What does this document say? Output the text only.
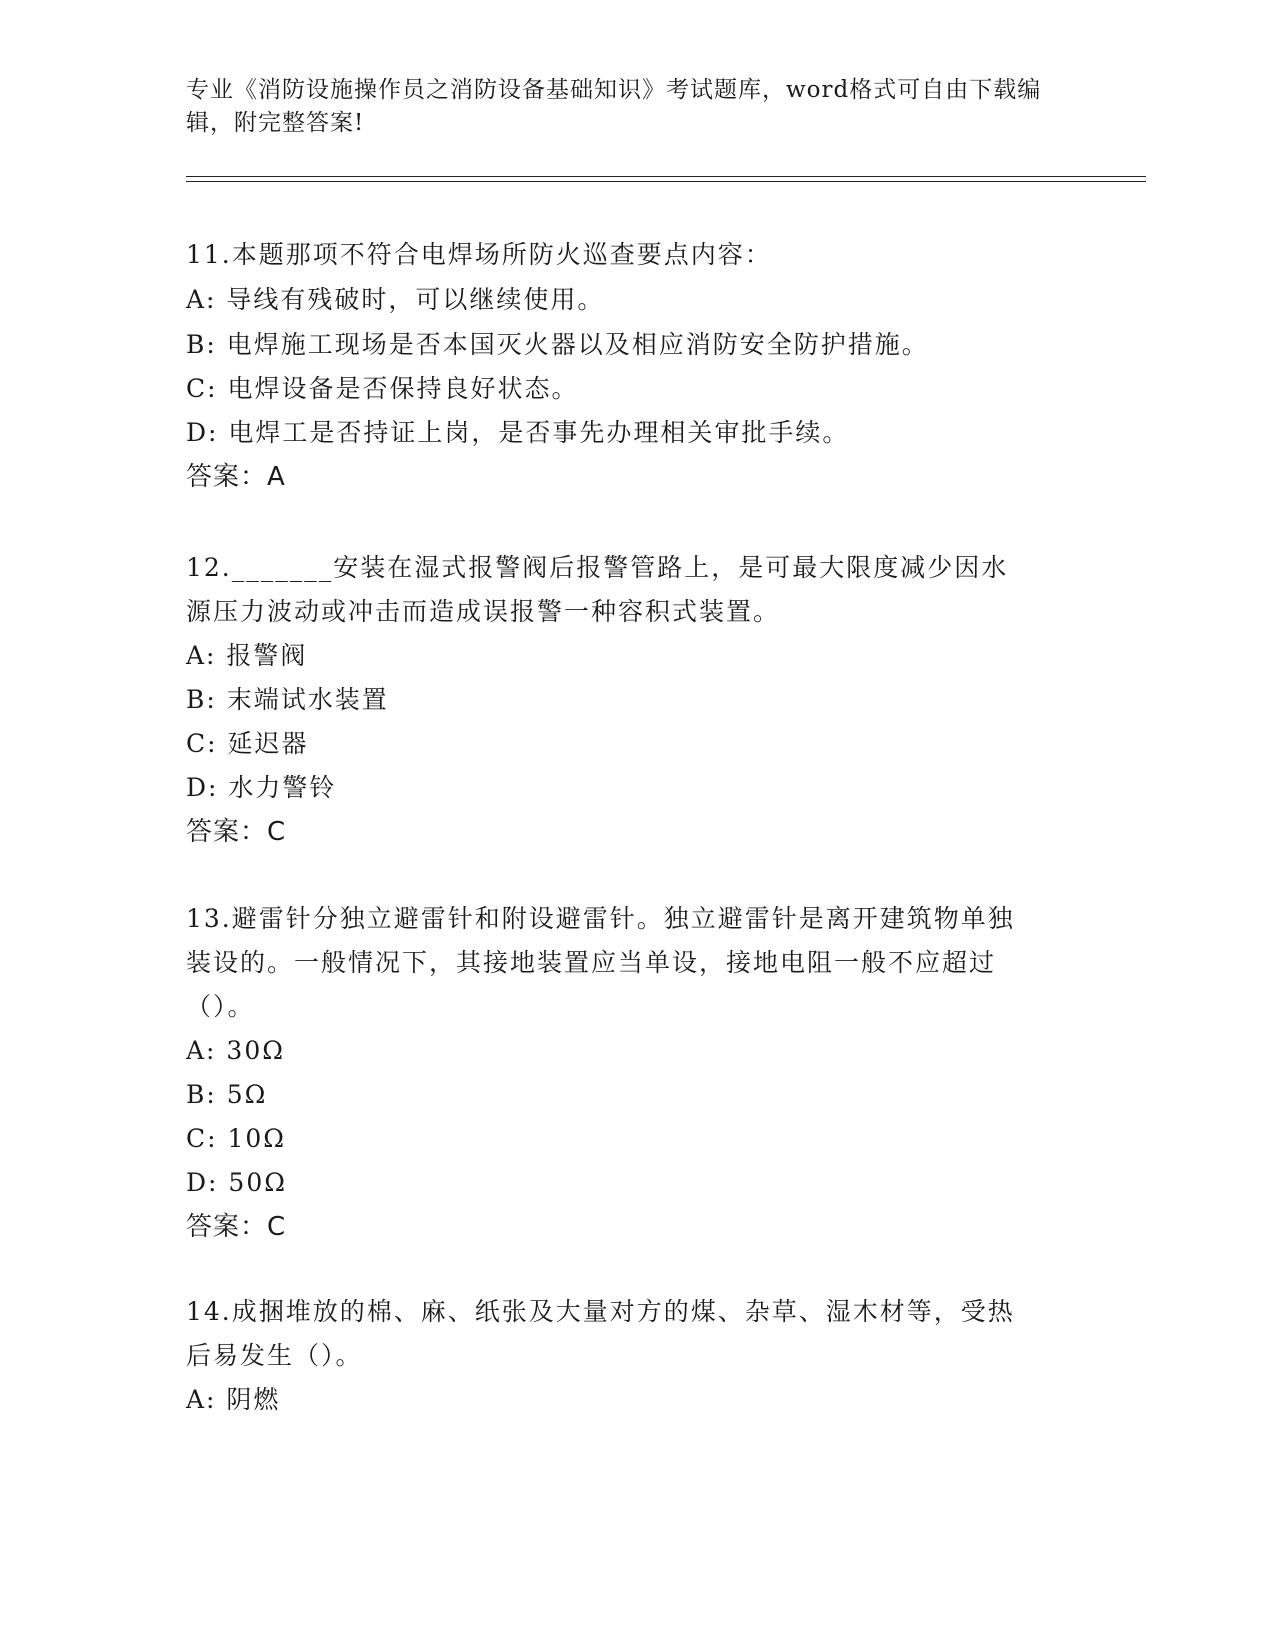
专业《消防设施操作员之消防设备基础知识》考试题库，word格式可自由下载编
辑，附完整答案!
11.本题那项不符合电焊场所防火巡查要点内容：
A: 导线有残破时，可以继续使用。
B: 电焊施工现场是否本国灭火器以及相应消防安全防护措施。
C: 电焊设备是否保持良好状态。
D: 电焊工是否持证上岗，是否事先办理相关审批手续。
答案：A
12._______安装在湿式报警阀后报警管路上，是可最大限度减少因水
源压力波动或冲击而造成误报警一种容积式装置。
A: 报警阀
B: 末端试水装置
C: 延迟器
D: 水力警铃
答案：C
13.避雷针分独立避雷针和附设避雷针。独立避雷针是离开建筑物单独
装设的。一般情况下，其接地装置应当单设，接地电阻一般不应超过
（）。
A: 30Ω
B: 5Ω
C: 10Ω
D: 50Ω
答案：C
14.成捆堆放的棉、麻、纸张及大量对方的煤、杂草、湿木材等，受热
后易发生（）。
A: 阴燃
